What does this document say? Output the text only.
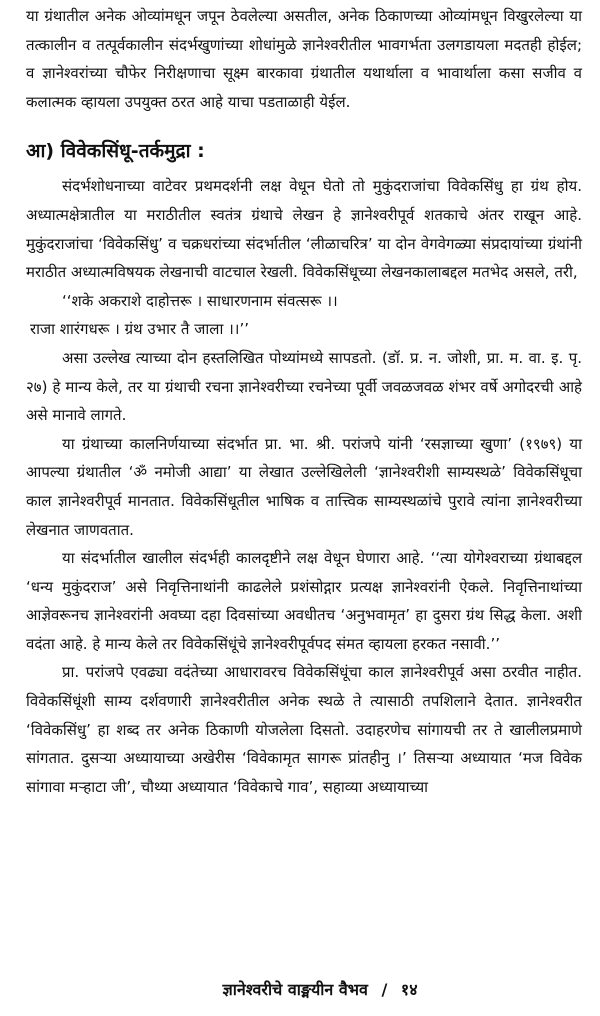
या ग्रंथातील अनेक ओव्यांमधून जपून ठेवलेल्या असतील, अनेक ठिकाणच्या ओव्यांमधून विखुरलेल्या या तत्कालीन व तत्पूर्वकालीन संदर्भखुणांच्या शोधांमुळे ज्ञानेश्वरीतील भावगर्भता उलगडायला मदतही होईल; व ज्ञानेश्वरांच्या चौफेर निरीक्षणाचा सूक्ष्म बारकावा ग्रंथातील यथार्थाला व भावार्थाला कसा सजीव व कलात्मक व्हायला उपयुक्त ठरत आहे याचा पडताळाही येईल.

आ) विवेकसिंधू-तर्कमुद्रा :

संदर्भशोधनाच्या वाटेवर प्रथमदर्शनी लक्ष वेधून घेतो तो मुकुंदराजांचा विवेकसिंधु हा ग्रंथ होय. अध्यात्मक्षेत्रातील या मराठीतील स्वतंत्र ग्रंथाचे लेखन हे ज्ञानेश्वरीपूर्व शतकाचे अंतर राखून आहे. मुकुंदराजांचा ‘विवेकसिंधु’ व चक्रधरांच्या संदर्भातील ‘लीळाचरित्र’ या दोन वेगवेगळ्या संप्रदायांच्या ग्रंथांनी मराठीत अध्यात्मविषयक लेखनाची वाटचाल रेखली. विवेकसिंधूच्या लेखनकालाबद्दल मतभेद असले, तरी,

‘‘शके अकराशे दाहोत्तरू । साधारणनाम संवत्सरू ।।

राजा शारंगधरू । ग्रंथ उभार तै जाला ।।’’

असा उल्लेख त्याच्या दोन हस्तलिखित पोथ्यांमध्ये सापडतो. (डॉ. प्र. न. जोशी, प्रा. म. वा. इ. पृ. २७) हे मान्य केले, तर या ग्रंथाची रचना ज्ञानेश्वरीच्या रचनेच्या पूर्वी जवळजवळ शंभर वर्षे अगोदरची आहे असे मानावे लागते.

या ग्रंथाच्या कालनिर्णयाच्या संदर्भात प्रा. भा. श्री. परांजपे यांनी ‘रसज्ञाच्या खुणा’ (१९७९) या आपल्या ग्रंथातील ‘ॐ नमोजी आद्या’ या लेखात उल्लेखिलेली ‘ज्ञानेश्वरीशी साम्यस्थळे’ विवेकसिंधूचा काल ज्ञानेश्वरीपूर्व मानतात. विवेकसिंधूतील भाषिक व तात्त्विक साम्यस्थळांचे पुरावे त्यांना ज्ञानेश्वरीच्या लेखनात जाणवतात.

या संदर्भातील खालील संदर्भही कालदृष्टीने लक्ष वेधून घेणारा आहे. ‘‘त्या योगेश्वराच्या ग्रंथाबद्दल ‘धन्य मुकुंदराज’ असे निवृत्तिनाथांनी काढलेले प्रशंसोद्गार प्रत्यक्ष ज्ञानेश्वरांनी ऐकले. निवृत्तिनाथांच्या आज्ञेवरूनच ज्ञानेश्वरांनी अवघ्या दहा दिवसांच्या अवधीतच ‘अनुभवामृत’ हा दुसरा ग्रंथ सिद्ध केला. अशी वदंता आहे. हे मान्य केले तर विवेकसिंधूंचे ज्ञानेश्वरीपूर्वपद संमत व्हायला हरकत नसावी.’’

प्रा. परांजपे एवढ्या वदंतेच्या आधारावरच विवेकसिंधूंचा काल ज्ञानेश्वरीपूर्व असा ठरवीत नाहीत. विवेकसिंधूंशी साम्य दर्शवणारी ज्ञानेश्वरीतील अनेक स्थळे ते त्यासाठी तपशिलाने देतात. ज्ञानेश्वरीत ‘विवेकसिंधु’ हा शब्द तर अनेक ठिकाणी योजलेला दिसतो. उदाहरणेच सांगायची तर ते खालीलप्रमाणे सांगतात. दुसऱ्या अध्यायाच्या अखेरीस ‘विवेकामृत सागरू प्रांतहीनु ।’ तिसऱ्या अध्यायात ‘मज विवेक सांगावा मऱ्हाटा जी’, चौथ्या अध्यायात ‘विवेकाचे गाव’, सहाव्या अध्यायाच्या

ज्ञानेश्वरीचे वाङ्मयीन वैभव / १४
